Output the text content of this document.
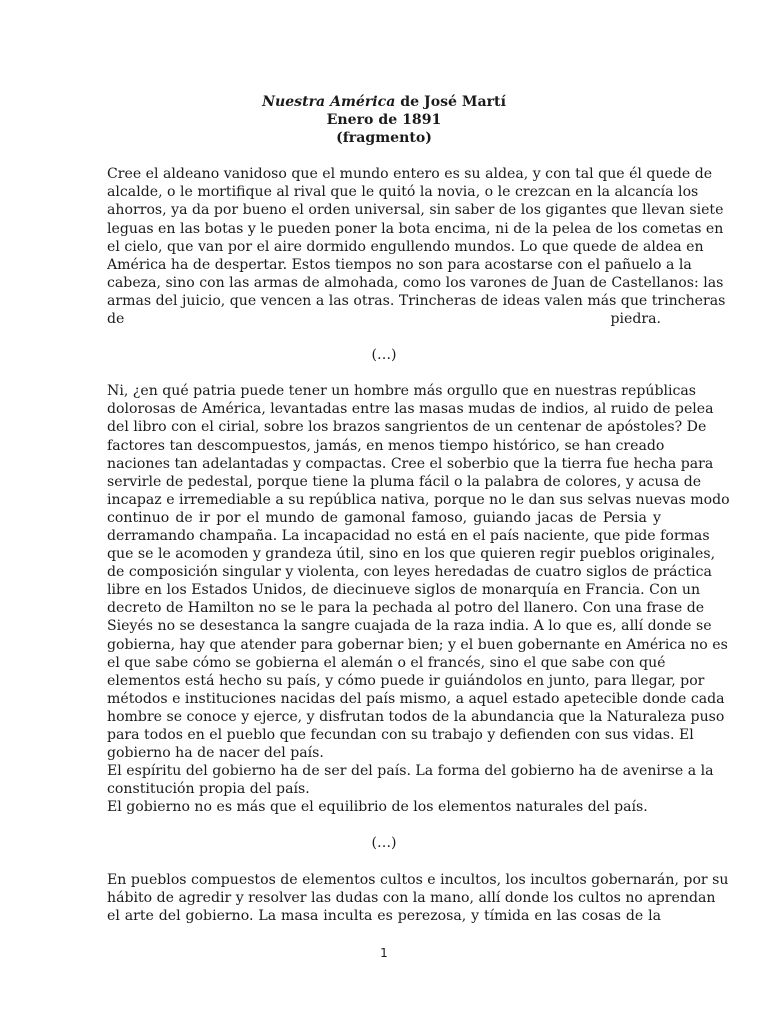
Nuestra América de José Martí

Enero de 1891

(fragmento)

Cree el aldeano vanidoso que el mundo entero es su aldea, y con tal que él quede de
alcalde, o le mortifique al rival que le quitó la novia, o le crezcan en la alcancía los
ahorros, ya da por bueno el orden universal, sin saber de los gigantes que llevan siete
leguas en las botas y le pueden poner la bota encima, ni de la pelea de los cometas en
el cielo, que van por el aire dormido engullendo mundos. Lo que quede de aldea en
América ha de despertar. Estos tiempos no son para acostarse con el pañuelo a la
cabeza, sino con las armas de almohada, como los varones de Juan de Castellanos: las
armas del juicio, que vencen a las otras. Trincheras de ideas valen más que trincheras
de piedra.

(…)

Ni, ¿en qué patria puede tener un hombre más orgullo que en nuestras repúblicas
dolorosas de América, levantadas entre las masas mudas de indios, al ruido de pelea
del libro con el cirial, sobre los brazos sangrientos de un centenar de apóstoles? De
factores tan descompuestos, jamás, en menos tiempo histórico, se han creado
naciones tan adelantadas y compactas. Cree el soberbio que la tierra fue hecha para
servirle de pedestal, porque tiene la pluma fácil o la palabra de colores, y acusa de
incapaz e irremediable a su república nativa, porque no le dan sus selvas nuevas modo
continuo de ir por el mundo de gamonal famoso, guiando jacas de Persia y
derramando champaña. La incapacidad no está en el país naciente, que pide formas
que se le acomoden y grandeza útil, sino en los que quieren regir pueblos originales,
de composición singular y violenta, con leyes heredadas de cuatro siglos de práctica
libre en los Estados Unidos, de diecinueve siglos de monarquía en Francia. Con un
decreto de Hamilton no se le para la pechada al potro del llanero. Con una frase de
Sieyés no se desestanca la sangre cuajada de la raza india. A lo que es, allí donde se
gobierna, hay que atender para gobernar bien; y el buen gobernante en América no es
el que sabe cómo se gobierna el alemán o el francés, sino el que sabe con qué
elementos está hecho su país, y cómo puede ir guiándolos en junto, para llegar, por
métodos e instituciones nacidas del país mismo, a aquel estado apetecible donde cada
hombre se conoce y ejerce, y disfrutan todos de la abundancia que la Naturaleza puso
para todos en el pueblo que fecundan con su trabajo y defienden con sus vidas. El
gobierno ha de nacer del país.
El espíritu del gobierno ha de ser del país. La forma del gobierno ha de avenirse a la
constitución propia del país.
El gobierno no es más que el equilibrio de los elementos naturales del país.

(…)

En pueblos compuestos de elementos cultos e incultos, los incultos gobernarán, por su
hábito de agredir y resolver las dudas con la mano, allí donde los cultos no aprendan
el arte del gobierno. La masa inculta es perezosa, y tímida en las cosas de la
1
